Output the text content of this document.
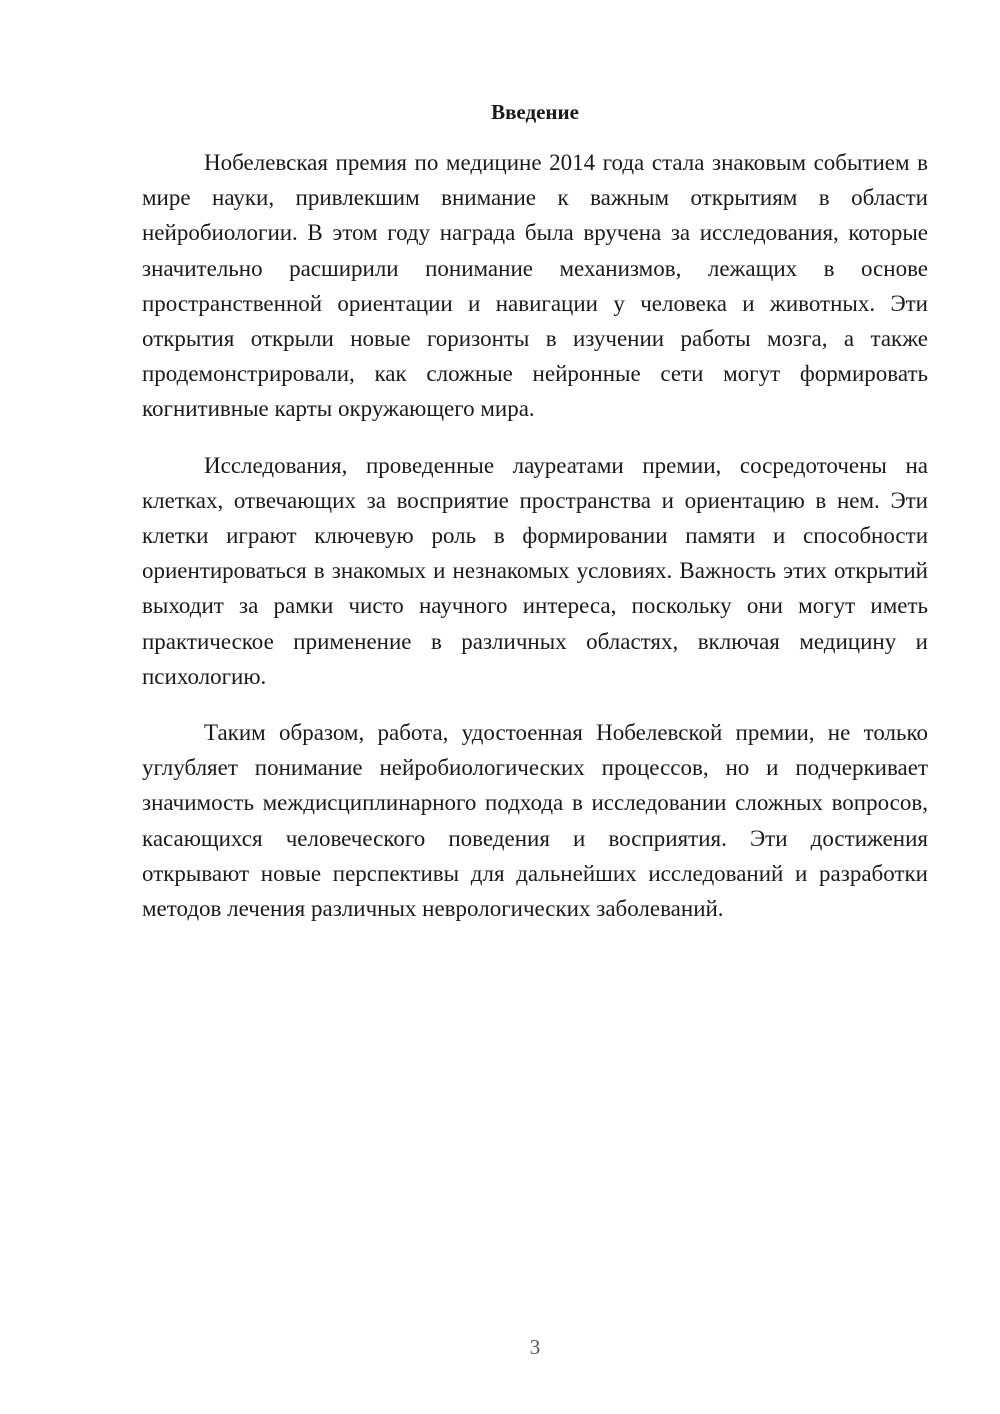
Введение

Нобелевская премия по медицине 2014 года стала знаковым событием в мире науки, привлекшим внимание к важным открытиям в области нейробиологии. В этом году награда была вручена за исследования, которые значительно расширили понимание механизмов, лежащих в основе пространственной ориентации и навигации у человека и животных. Эти открытия открыли новые горизонты в изучении работы мозга, а также продемонстрировали, как сложные нейронные сети могут формировать когнитивные карты окружающего мира.

Исследования, проведенные лауреатами премии, сосредоточены на клетках, отвечающих за восприятие пространства и ориентацию в нем. Эти клетки играют ключевую роль в формировании памяти и способности ориентироваться в знакомых и незнакомых условиях. Важность этих открытий выходит за рамки чисто научного интереса, поскольку они могут иметь практическое применение в различных областях, включая медицину и психологию.

Таким образом, работа, удостоенная Нобелевской премии, не только углубляет понимание нейробиологических процессов, но и подчеркивает значимость междисциплинарного подхода в исследовании сложных вопросов, касающихся человеческого поведения и восприятия. Эти достижения открывают новые перспективы для дальнейших исследований и разработки методов лечения различных неврологических заболеваний.

3
